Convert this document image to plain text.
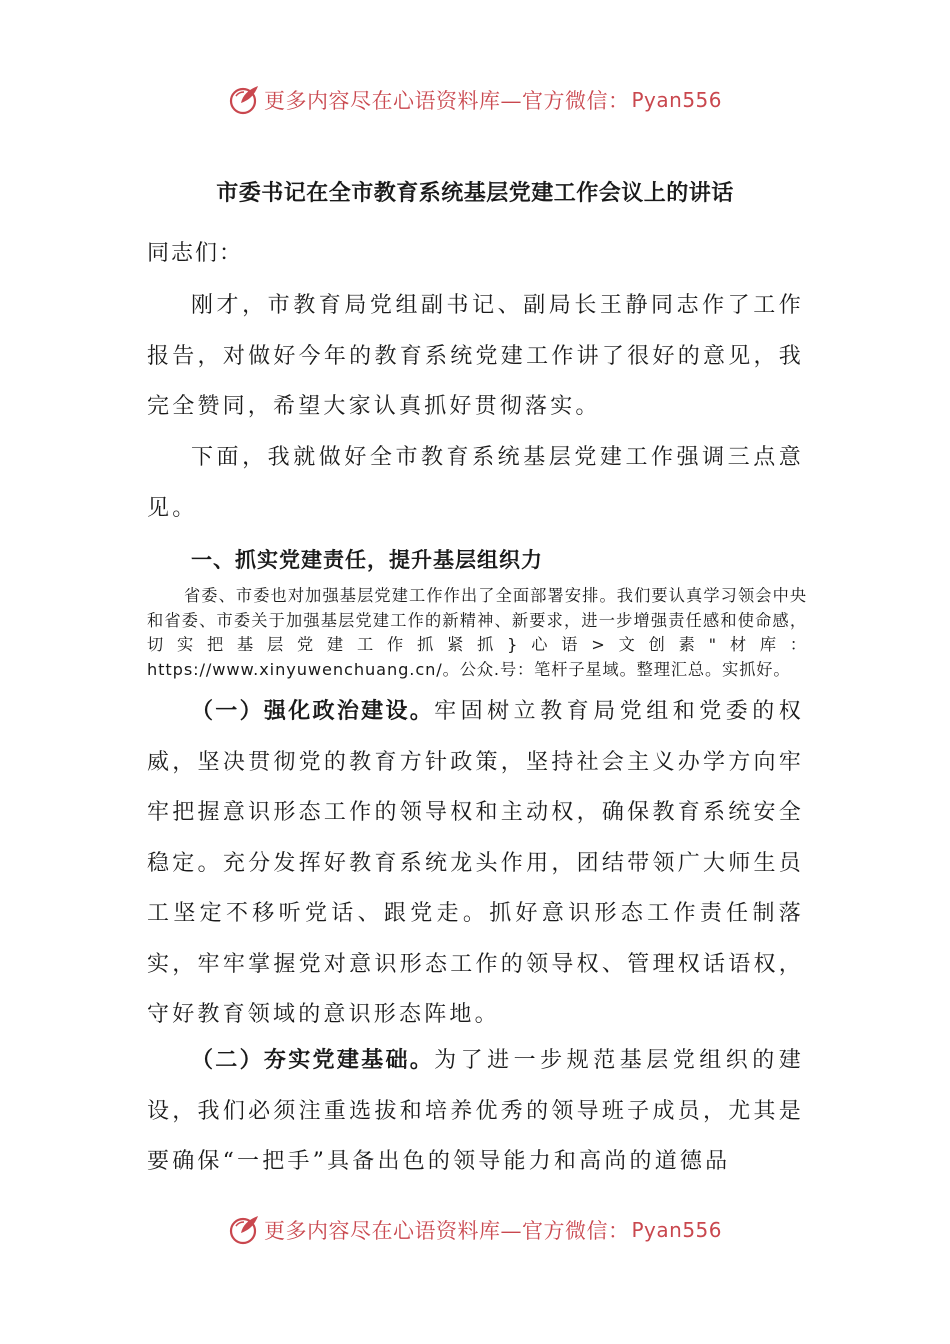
更多内容尽在心语资料库—官方微信： Pyan556
市委书记在全市教育系统基层党建工作会议上的讲话
同志们：

刚才，市教育局党组副书记、副局长王静同志作了工作报告，对做好今年的教育系统党建工作讲了很好的意见，我完全赞同，希望大家认真抓好贯彻落实。

下面，我就做好全市教育系统基层党建工作强调三点意见。

一、抓实党建责任，提升基层组织力

省委、市委也对加强基层党建工作作出了全面部署安排。我们要认真学习领会中央和省委、市委关于加强基层党建工作的新精神、新要求，进一步增强责任感和使命感，切实把基层党建工作抓紧抓}心语>文创素"材库：https://www.xinyuwenchuang.cn/。公众.号：笔杆子星域。整理汇总。实抓好。

（一）强化政治建设。牢固树立教育局党组和党委的权威，坚决贯彻党的教育方针政策，坚持社会主义办学方向牢牢把握意识形态工作的领导权和主动权，确保教育系统安全稳定。充分发挥好教育系统龙头作用，团结带领广大师生员工坚定不移听党话、跟党走。抓好意识形态工作责任制落实，牢牢掌握党对意识形态工作的领导权、管理权话语权，守好教育领域的意识形态阵地。

（二）夯实党建基础。为了进一步规范基层党组织的建设，我们必须注重选拔和培养优秀的领导班子成员，尤其是要确保“一把手”具备出色的领导能力和高尚的道德品

更多内容尽在心语资料库—官方微信： Pyan556
